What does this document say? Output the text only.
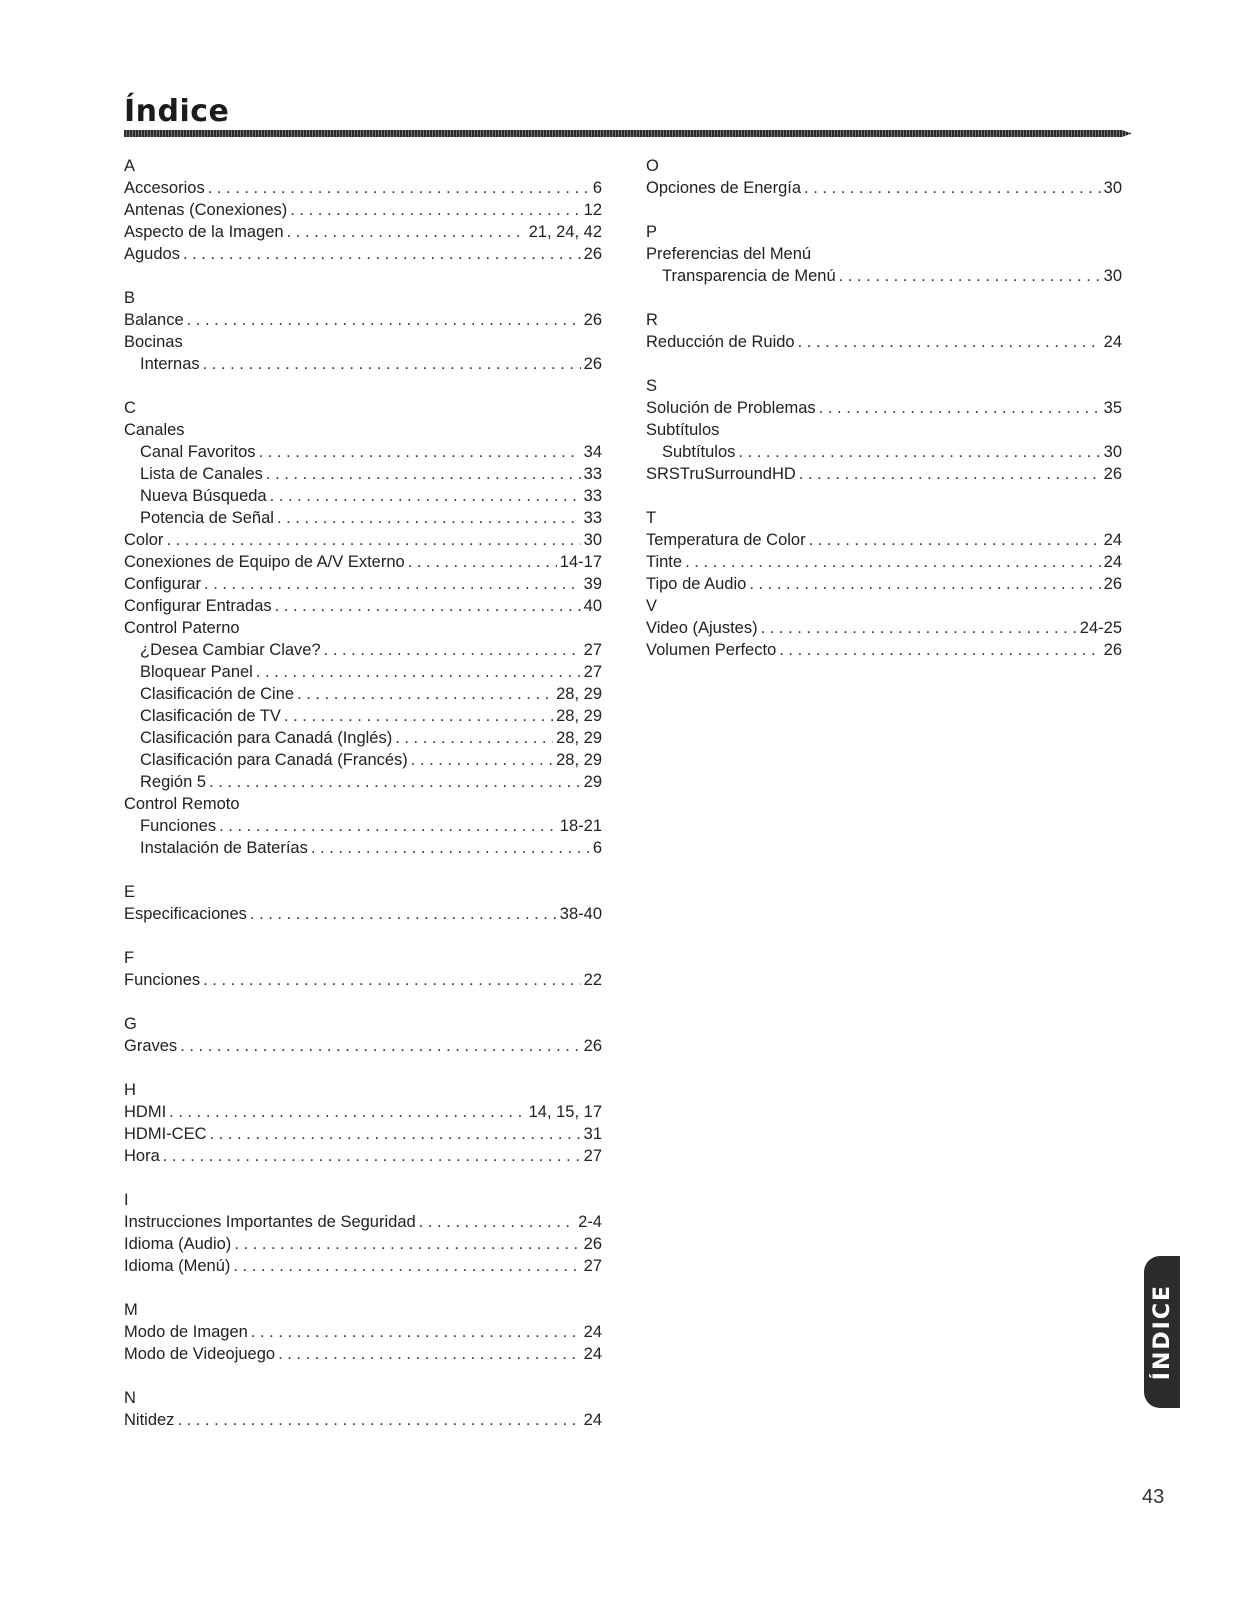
Índice
A
Accesorios . . .	6
Antenas (Conexiones) . . .	12
Aspecto de la Imagen . . .	21, 24, 42
Agudos . . .	26
B
Balance . . .	26
Bocinas
Internas . . .	26
C
Canales
Canal Favoritos . . .	34
Lista de Canales . . .	33
Nueva Búsqueda . . .	33
Potencia de Señal . . .	33
Color . . .	30
Conexiones de Equipo de A/V Externo . . .	14-17
Configurar . . .	39
Configurar Entradas . . .	40
Control Paterno
¿Desea Cambiar Clave? . . .	27
Bloquear Panel . . .	27
Clasificación de Cine . . .	28, 29
Clasificación de TV . . .	28, 29
Clasificación para Canadá (Inglés) . . .	28, 29
Clasificación para Canadá (Francés) . . .	28, 29
Región 5 . . .	29
Control Remoto
Funciones . . .	18-21
Instalación de Baterías . . .	6
E
Especificaciones . . .	38-40
F
Funciones . . .	22
G
Graves . . .	26
H
HDMI . . .	14, 15, 17
HDMI-CEC . . .	31
Hora . . .	27
I
Instrucciones Importantes de Seguridad . . .	2-4
Idioma (Audio) . . .	26
Idioma (Menú) . . .	27
M
Modo de Imagen . . .	24
Modo de Videojuego . . .	24
N
Nitidez . . .	24
O
Opciones de Energía . . .	30
P
Preferencias del Menú
Transparencia de Menú . . .	30
R
Reducción de Ruido . . .	24
S
Solución de Problemas . . .	35
Subtítulos
Subtítulos . . .	30
SRSTruSurroundHD . . .	26
T
Temperatura de Color . . .	24
Tinte . . .	24
Tipo de Audio . . .	26
V
Video (Ajustes) . . .	24-25
Volumen Perfecto . . .	26
ÍNDICE
43
